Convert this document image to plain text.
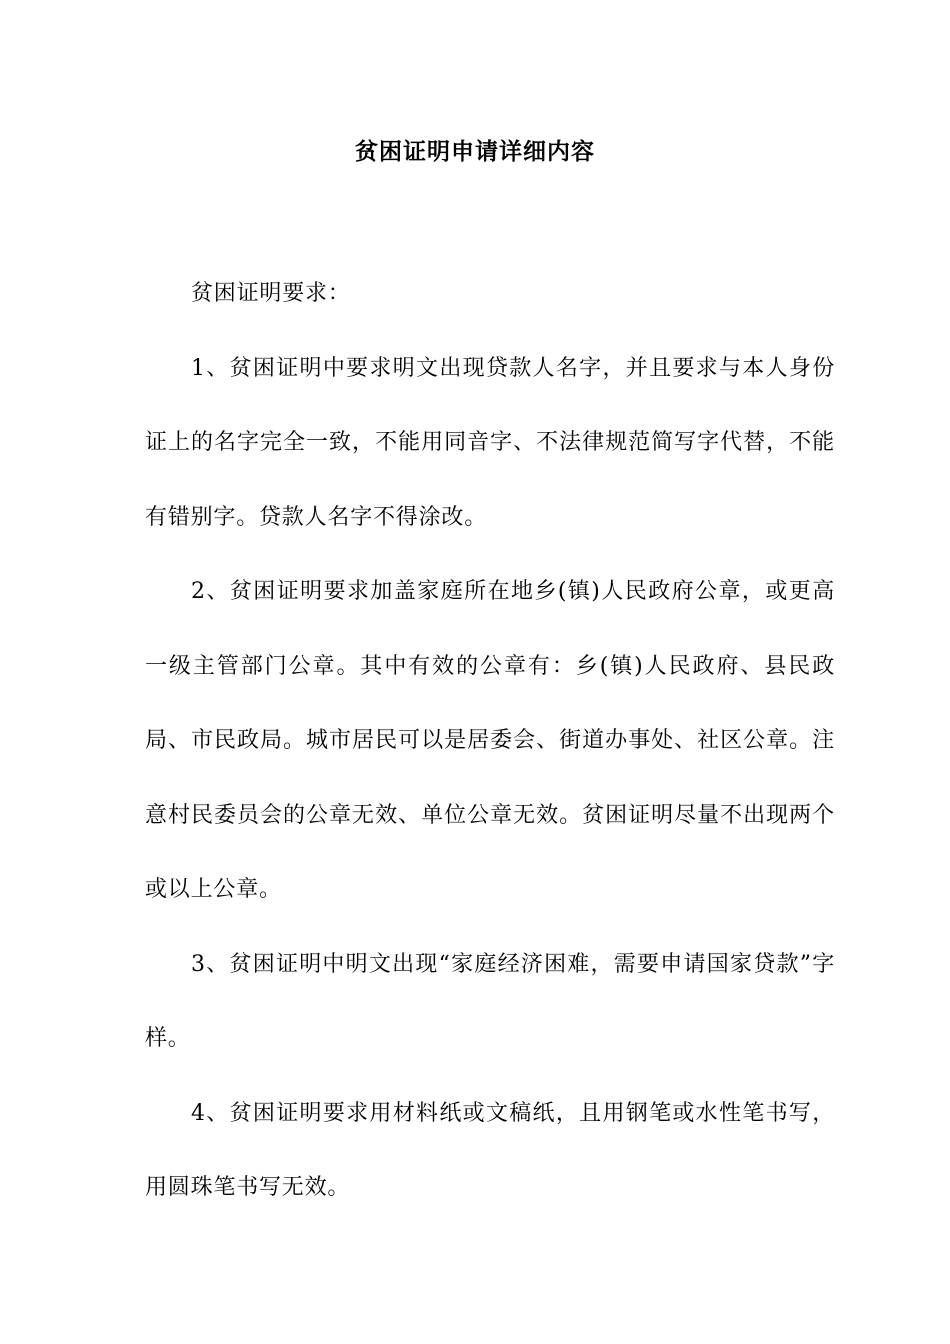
贫困证明申请详细内容

贫困证明要求：

1、贫困证明中要求明文出现贷款人名字，并且要求与本人身份证上的名字完全一致，不能用同音字、不法律规范简写字代替，不能有错别字。贷款人名字不得涂改。

2、贫困证明要求加盖家庭所在地乡(镇)人民政府公章，或更高一级主管部门公章。其中有效的公章有：乡(镇)人民政府、县民政局、市民政局。城市居民可以是居委会、街道办事处、社区公章。注意村民委员会的公章无效、单位公章无效。贫困证明尽量不出现两个或以上公章。

3、贫困证明中明文出现“家庭经济困难，需要申请国家贷款”字样。

4、贫困证明要求用材料纸或文稿纸，且用钢笔或水性笔书写，用圆珠笔书写无效。
